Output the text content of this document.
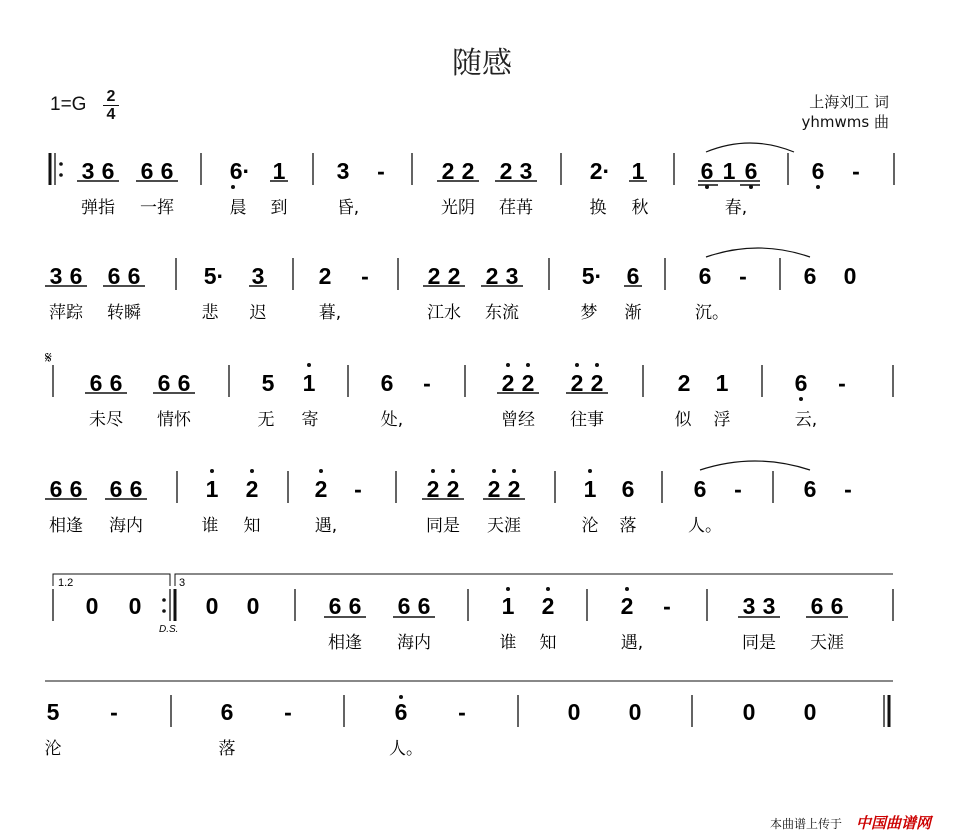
随感
1=G 2
4
上海刘工 词
yhmwms 曲
𝄋
1.2	3
D.S.
3 6 6 6 6· 1 3 - 2 2 2 3 2· 1 6 1 6 6 -
弹指 一挥	晨 到	昏,	光阴 荏苒	换 秋	春,
3 6 6 6	5· 3 2 -	2 2 2 3	5· 6	6 - 6 0
萍踪 转瞬	悲 迟	暮,	江水 东流	梦 渐	沉。
6 6 6 6	5 1	6 -	2 2 2 2	2 1	6 -
未尽 情怀	无 寄	处,	曾经 往事	似 浮	云,
6 6 6 6	1 2 2 -	2 2 2 2	1 6	6 -	6 -
相逢 海内	谁 知	遇,	同是 天涯	沦 落	人。
0 0	0 0	6 6 6 6	1 2	2 -	3 3 6 6
相逢 海内	谁 知	遇,	同是 天涯
5 -	6 -	6 -	0 0	0 0
沦	落	人。
本曲谱上传于 中国曲谱网
